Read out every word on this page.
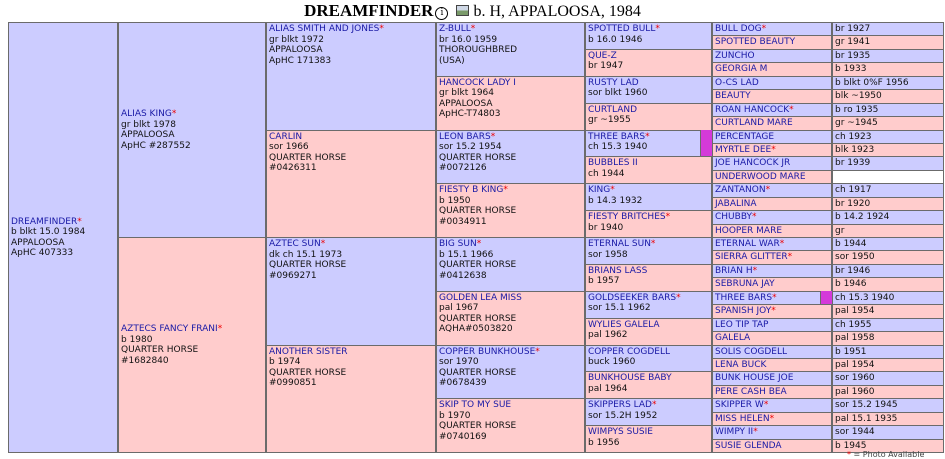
DREAMFINDER i b. H, APPALOOSA, 1984
DREAMFINDER*
b blkt 15.0 1984
APPALOOSA
ApHC 407333
ALIAS KING*
gr blkt 1978
APPALOOSA
ApHC #287552
AZTECS FANCY FRANI*
b 1980
QUARTER HORSE
#1682840
ALIAS SMITH AND JONES*
gr blkt 1972
APPALOOSA
ApHC 171383
CARLIN
sor 1966
QUARTER HORSE
#0426311
AZTEC SUN*
dk ch 15.1 1973
QUARTER HORSE
#0969271
ANOTHER SISTER
b 1974
QUARTER HORSE
#0990851
Z-BULL*
br 16.0 1959
THOROUGHBRED
(USA)
HANCOCK LADY I
gr blkt 1964
APPALOOSA
ApHC-T74803
LEON BARS*
sor 15.2 1954
QUARTER HORSE
#0072126
FIESTY B KING*
b 1950
QUARTER HORSE
#0034911
BIG SUN*
b 15.1 1966
QUARTER HORSE
#0412638
GOLDEN LEA MISS
pal 1967
QUARTER HORSE
AQHA#0503820
COPPER BUNKHOUSE*
sor 1970
QUARTER HORSE
#0678439
SKIP TO MY SUE
b 1970
QUARTER HORSE
#0740169
SPOTTED BULL*
b 16.0 1946
QUE-Z
br 1947
RUSTY LAD
sor blkt 1960
CURTLAND
gr ~1955
THREE BARS*
ch 15.3 1940
BUBBLES II
ch 1944
KING*
b 14.3 1932
FIESTY BRITCHES*
br 1940
ETERNAL SUN*
sor 1958
BRIANS LASS
b 1957
GOLDSEEKER BARS*
sor 15.1 1962
WYLIES GALELA
pal 1962
COPPER COGDELL
buck 1960
BUNKHOUSE BABY
pal 1964
SKIPPERS LAD*
sor 15.2H 1952
WIMPYS SUSIE
b 1956
BULL DOG*	br 1927
SPOTTED BEAUTY	gr 1941
ZUNCHO	br 1935
GEORGIA M	b 1933
O-CS LAD	b blkt 0%F 1956
BEAUTY	blk ~1950
ROAN HANCOCK*	b ro 1935
CURTLAND MARE	gr ~1945
PERCENTAGE	ch 1923
MYRTLE DEE*	blk 1923
JOE HANCOCK JR	br 1939
UNDERWOOD MARE
ZANTANON*	ch 1917
JABALINA	br 1920
CHUBBY*	b 14.2 1924
HOOPER MARE	gr
ETERNAL WAR*	b 1944
SIERRA GLITTER*	sor 1950
BRIAN H*	br 1946
SEBRUNA JAY	b 1946
THREE BARS*	ch 15.3 1940
SPANISH JOY*	pal 1954
LEO TIP TAP	ch 1955
GALELA	pal 1958
SOLIS COGDELL	b 1951
LENA BUCK	pal 1954
BUNK HOUSE JOE	sor 1960
PERE CASH BEA	pal 1960
SKIPPER W*	sor 15.2 1945
MISS HELEN*	pal 15.1 1935
WIMPY II*	sor 1944
SUSIE GLENDA	b 1945
* = Photo Available
